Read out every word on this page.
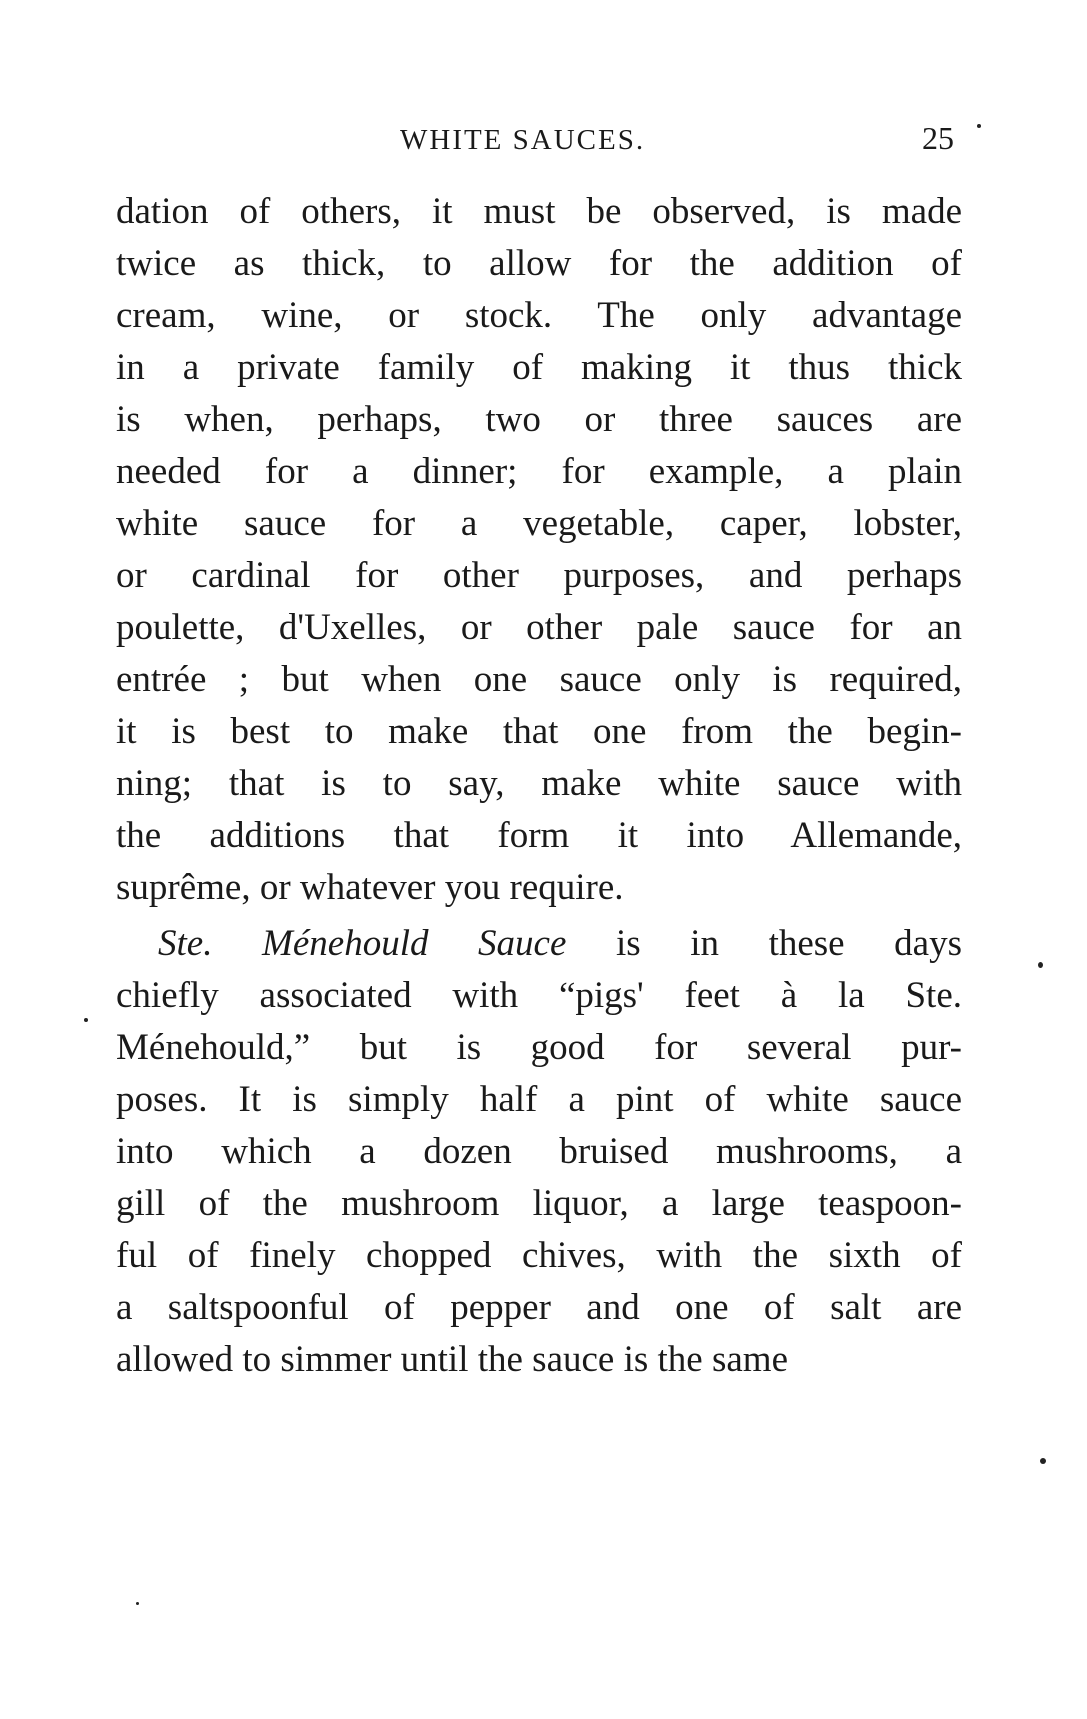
WHITE SAUCES.	25
dation of others, it must be observed, is made
twice as thick, to allow for the addition of
cream, wine, or stock. The only advantage
in a private family of making it thus thick
is when, perhaps, two or three sauces are
needed for a dinner; for example, a plain
white sauce for a vegetable, caper, lobster,
or cardinal for other purposes, and perhaps
poulette, d'Uxelles, or other pale sauce for an
entrée ; but when one sauce only is required,
it is best to make that one from the begin-
ning; that is to say, make white sauce with
the additions that form it into Allemande,
suprême, or whatever you require.
Ste. Ménehould Sauce is in these days
chiefly associated with “pigs' feet à la Ste.
Ménehould,” but is good for several pur-
poses. It is simply half a pint of white sauce
into which a dozen bruised mushrooms, a
gill of the mushroom liquor, a large teaspoon-
ful of finely chopped chives, with the sixth of
a saltspoonful of pepper and one of salt are
allowed to simmer until the sauce is the same
